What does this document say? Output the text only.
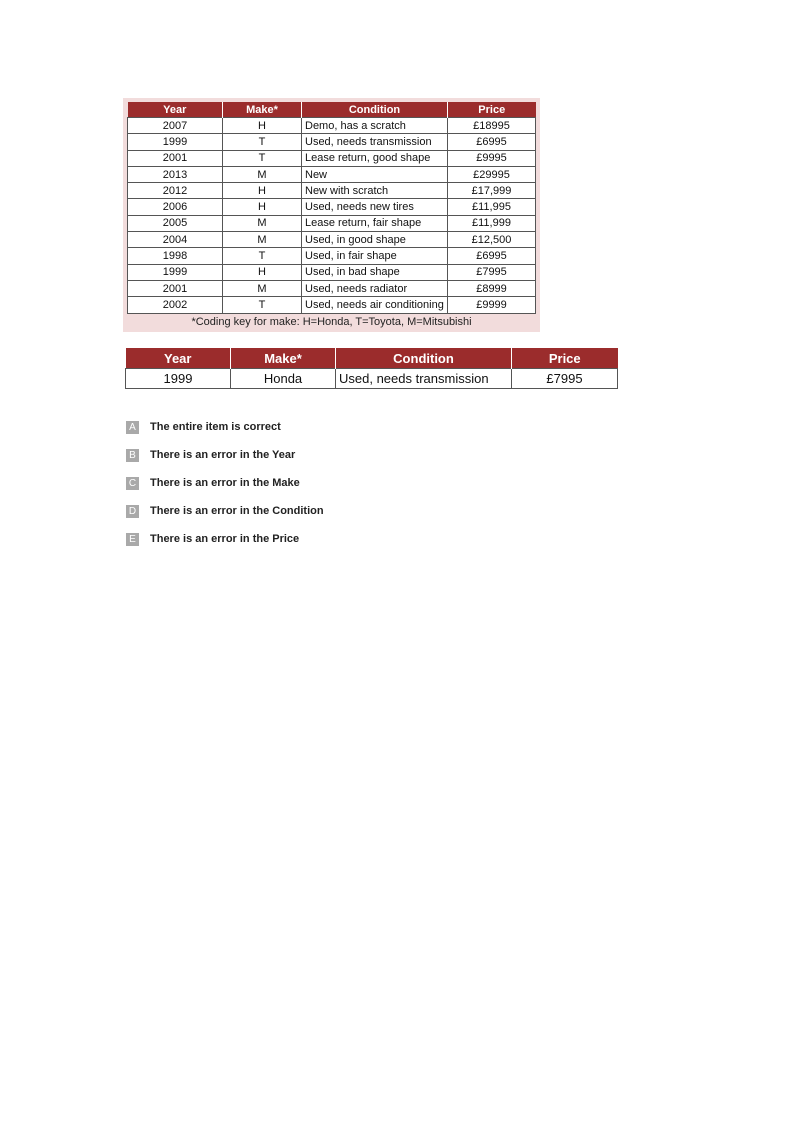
Year	Make*	Condition	Price
2007	H	Demo, has a scratch	£18995
1999	T	Used, needs transmission	£6995
2001	T	Lease return, good shape	£9995
2013	M	New	£29995
2012	H	New with scratch	£17,999
2006	H	Used, needs new tires	£11,995
2005	M	Lease return, fair shape	£11,999
2004	M	Used, in good shape	£12,500
1998	T	Used, in fair shape	£6995
1999	H	Used, in bad shape	£7995
2001	M	Used, needs radiator	£8999
2002	T	Used, needs air conditioning	£9999
*Coding key for make: H=Honda, T=Toyota, M=Mitsubishi
Year	Make*	Condition	Price
1999	Honda	Used, needs transmission	£7995
A The entire item is correct
B There is an error in the Year
C There is an error in the Make
D There is an error in the Condition
E There is an error in the Price
